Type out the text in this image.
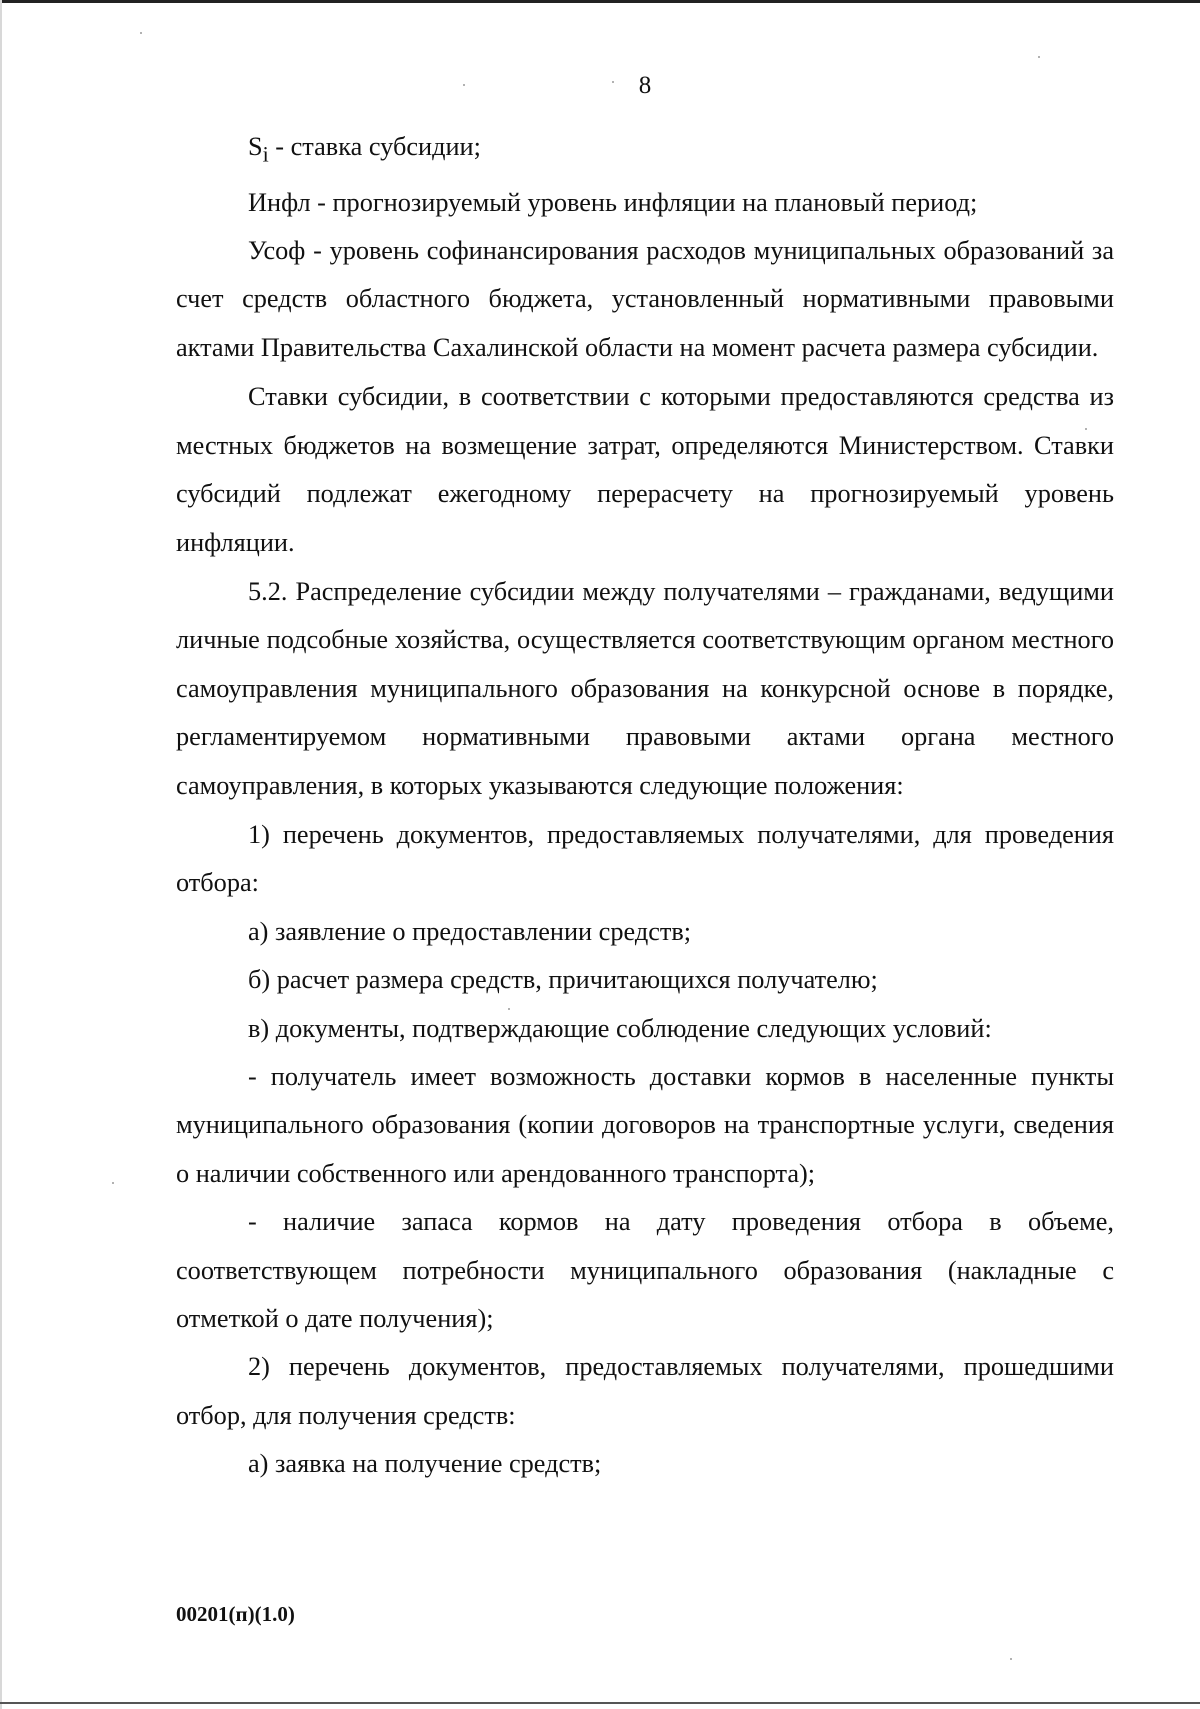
8

$S_i$ - ставка субсидии;

Инфл - прогнозируемый уровень инфляции на плановый период;

Усоф - уровень софинансирования расходов муниципальных образований за счет средств областного бюджета, установленный нормативными правовыми актами Правительства Сахалинской области на момент расчета размера субсидии.

Ставки субсидии, в соответствии с которыми предоставляются средства из местных бюджетов на возмещение затрат, определяются Министерством. Ставки субсидий подлежат ежегодному перерасчету на прогнозируемый уровень инфляции.

5.2. Распределение субсидии между получателями – гражданами, ведущими личные подсобные хозяйства, осуществляется соответствующим органом местного самоуправления муниципального образования на конкурсной основе в порядке, регламентируемом нормативными правовыми актами органа местного самоуправления, в которых указываются следующие положения:

1) перечень документов, предоставляемых получателями, для проведения отбора:

а) заявление о предоставлении средств;

б) расчет размера средств, причитающихся получателю;

в) документы, подтверждающие соблюдение следующих условий:

- получатель имеет возможность доставки кормов в населенные пункты муниципального образования (копии договоров на транспортные услуги, сведения о наличии собственного или арендованного транспорта);

- наличие запаса кормов на дату проведения отбора в объеме, соответствующем потребности муниципального образования (накладные с отметкой о дате получения);

2) перечень документов, предоставляемых получателями, прошедшими отбор, для получения средств:

а) заявка на получение средств;

00201(п)(1.0)
